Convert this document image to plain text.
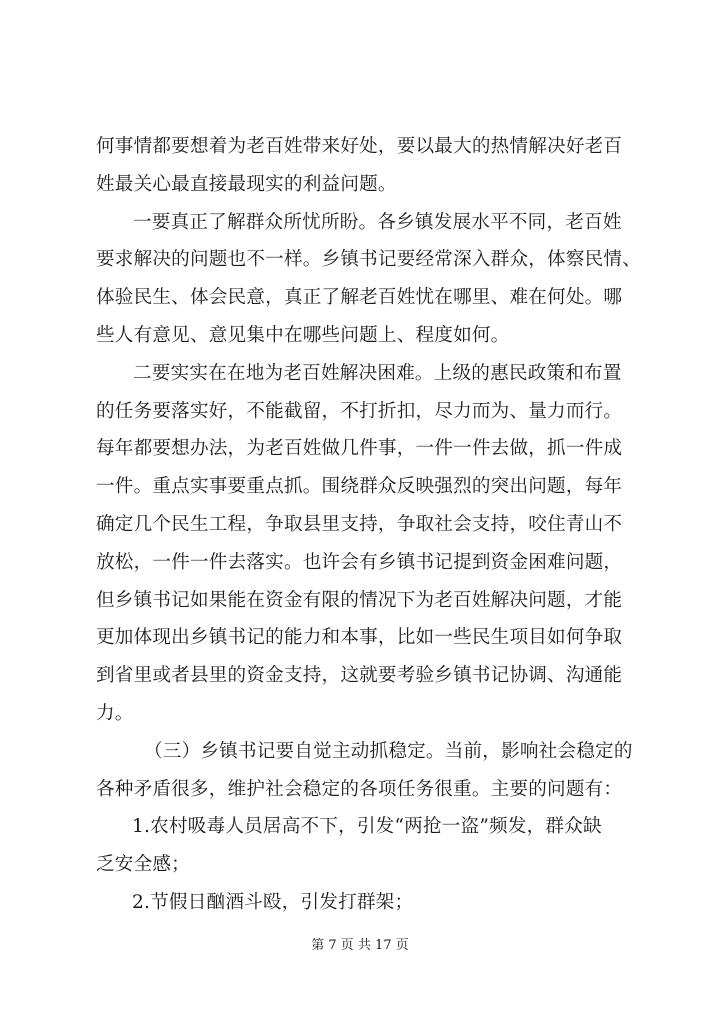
何事情都要想着为老百姓带来好处，要以最大的热情解决好老百
姓最关心最直接最现实的利益问题。
一要真正了解群众所忧所盼。各乡镇发展水平不同，老百姓
要求解决的问题也不一样。乡镇书记要经常深入群众，体察民情、
体验民生、体会民意，真正了解老百姓忧在哪里、难在何处。哪
些人有意见、意见集中在哪些问题上、程度如何。
二要实实在在地为老百姓解决困难。上级的惠民政策和布置
的任务要落实好，不能截留，不打折扣，尽力而为、量力而行。
每年都要想办法，为老百姓做几件事，一件一件去做，抓一件成
一件。重点实事要重点抓。围绕群众反映强烈的突出问题，每年
确定几个民生工程，争取县里支持，争取社会支持，咬住青山不
放松，一件一件去落实。也许会有乡镇书记提到资金困难问题，
但乡镇书记如果能在资金有限的情况下为老百姓解决问题，才能
更加体现出乡镇书记的能力和本事，比如一些民生项目如何争取
到省里或者县里的资金支持，这就要考验乡镇书记协调、沟通能
力。
（三）乡镇书记要自觉主动抓稳定。当前，影响社会稳定的
各种矛盾很多，维护社会稳定的各项任务很重。主要的问题有：
1.农村吸毒人员居高不下，引发“两抢一盗”频发，群众缺
乏安全感；
2.节假日酗酒斗殴，引发打群架；
第 7 页 共 17 页
